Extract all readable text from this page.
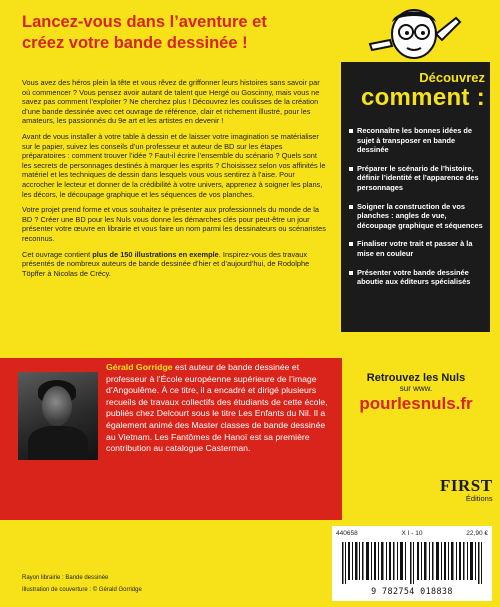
Lancez-vous dans l’aventure et
créez votre bande dessinée !

Vous avez des héros plein la tête et vous rêvez de griffonner leurs histoires sans savoir par où commencer ? Vous pensez avoir autant de talent que Hergé ou Goscinny, mais vous ne savez pas comment l’exploiter ? Ne cherchez plus ! Découvrez les coulisses de la création d’une bande dessinée avec cet ouvrage de référence, clair et richement illustré, pour les amateurs, les passionnés du 9e art et les artistes en devenir !

Avant de vous installer à votre table à dessin et de laisser votre imagination se matérialiser sur le papier, suivez les conseils d’un professeur et auteur de BD sur les étapes préparatoires : comment trouver l’idée ? Faut-il écrire l’ensemble du scénario ? Quels sont les secrets de personnages destinés à marquer les esprits ? Choisissez selon vos affinités le matériel et les techniques de dessin dans lesquels vous vous sentirez à l’aise. Pour accrocher le lecteur et donner de la crédibilité à votre univers, apprenez à soigner les plans, les décors, le découpage graphique et les séquences de vos planches.

Votre projet prend forme et vous souhaitez le présenter aux professionnels du monde de la BD ? Créer une BD pour les Nuls vous donne les démarches clés pour peut-être un jour présenter votre œuvre en librairie et vous faire un nom parmi les dessinateurs ou scénaristes reconnus.

Cet ouvrage contient plus de 150 illustrations en exemple. Inspirez-vous des travaux présentés de nombreux auteurs de bande dessinée d’hier et d’aujourd’hui, de Rodolphe Töpffer à Nicolas de Crécy.

Découvrez
comment :
Reconnaître les bonnes idées de sujet à transposer en bande dessinée
Préparer le scénario de l’histoire, définir l’identité et l’apparence des personnages
Soigner la construction de vos planches : angles de vue, découpage graphique et séquences
Finaliser votre trait et passer à la mise en couleur
Présenter votre bande dessinée aboutie aux éditeurs spécialisés
Gérald Gorridge est auteur de bande dessinée et professeur à l’École européenne supérieure de l’image d’Angoulême. À ce titre, il a encadré et dirigé plusieurs recueils de travaux collectifs des étudiants de cette école, publiés chez Delcourt sous le titre Les Enfants du Nil. Il a également animé des Master classes de bande dessinée au Vietnam. Les Fantômes de Hanoï est sa première contribution au catalogue Casterman.
Retrouvez les Nuls
sur www.
pourlesnuls.fr
FIRST
Éditions
440658	X I - 10	22,90 €
9 782754 018838
Rayon librairie : Bande dessinée
Illustration de couverture : © Gérald Gorridge
